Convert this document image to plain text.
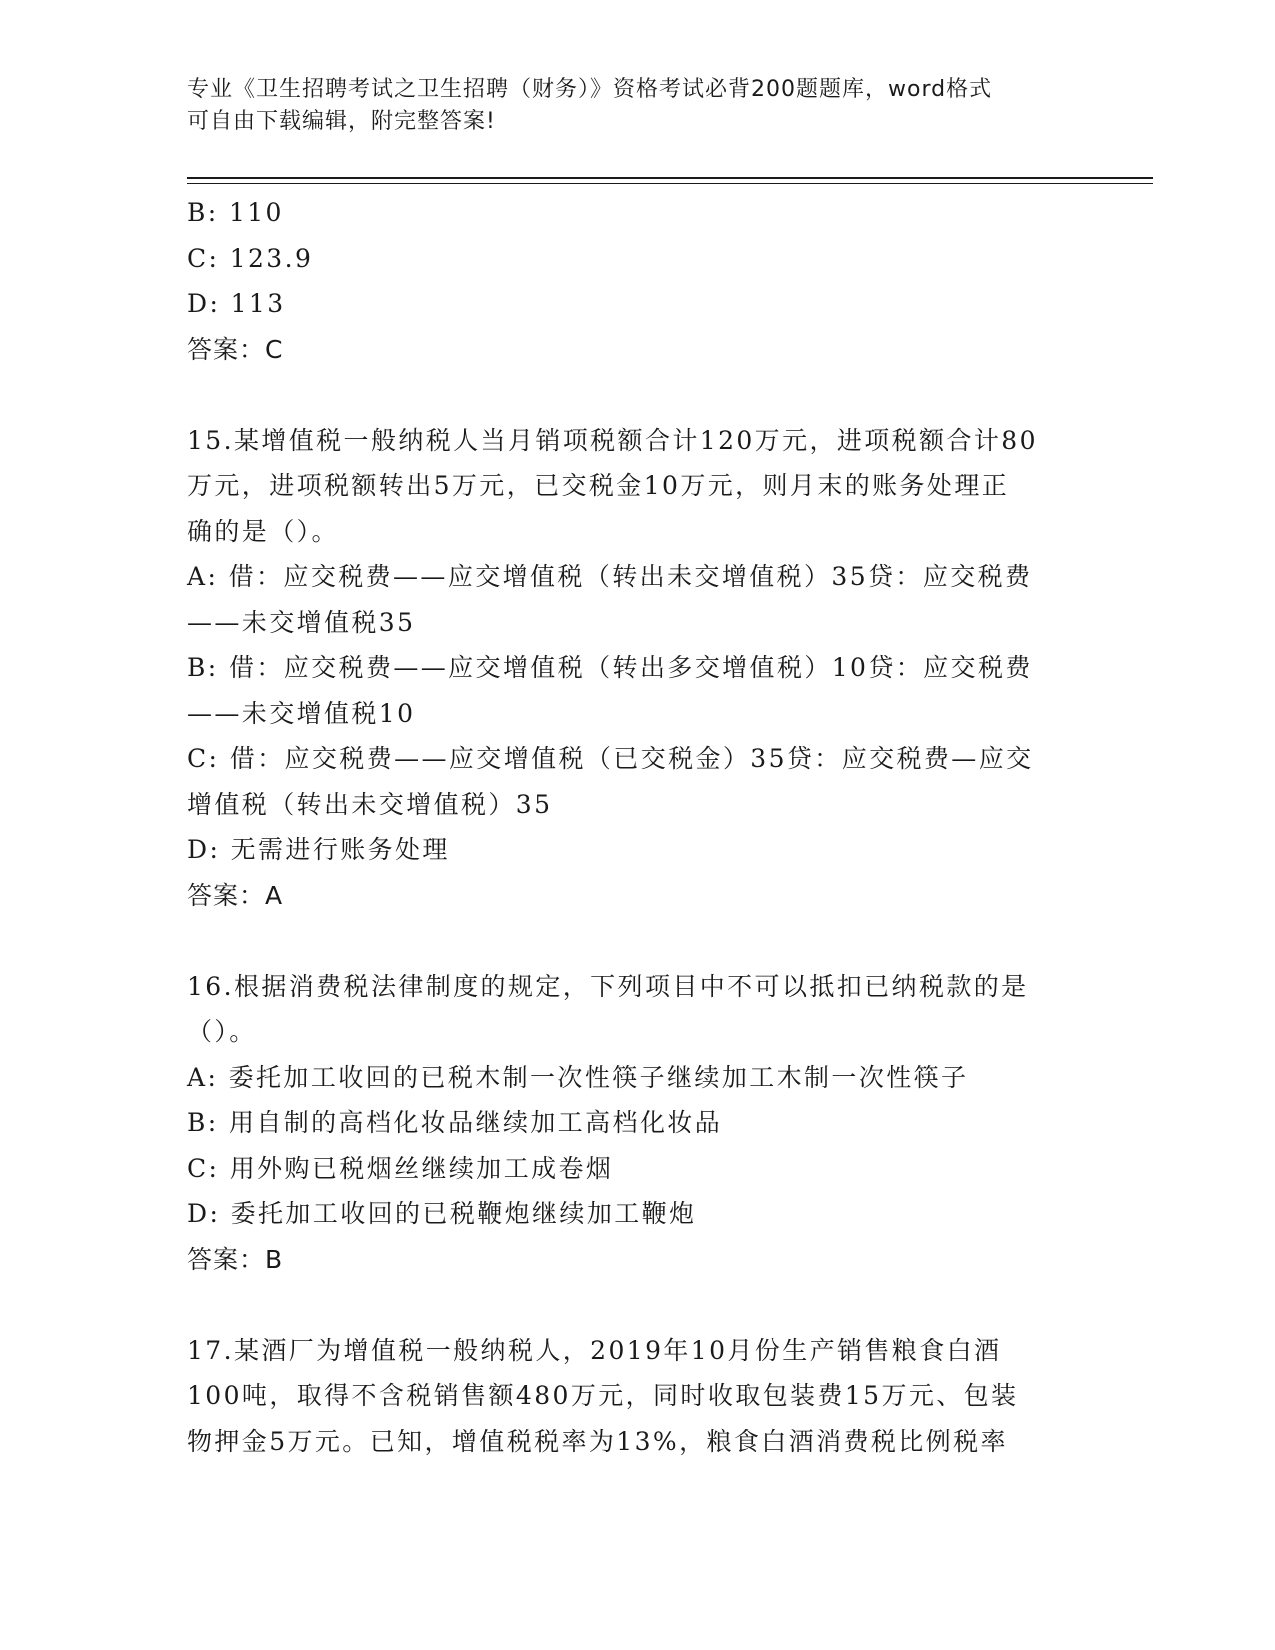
专业《卫生招聘考试之卫生招聘（财务）》资格考试必背200题题库，word格式
可自由下载编辑，附完整答案!
B: 110
C: 123.9
D: 113
答案：C
15.某增值税一般纳税人当月销项税额合计120万元，进项税额合计80
万元，进项税额转出5万元，已交税金10万元，则月末的账务处理正
确的是（）。
A: 借：应交税费——应交增值税（转出未交增值税）35贷：应交税费
——未交增值税35
B: 借：应交税费——应交增值税（转出多交增值税）10贷：应交税费
——未交增值税10
C: 借：应交税费——应交增值税（已交税金）35贷：应交税费—应交
增值税（转出未交增值税）35
D: 无需进行账务处理
答案：A
16.根据消费税法律制度的规定，下列项目中不可以抵扣已纳税款的是
（）。
A: 委托加工收回的已税木制一次性筷子继续加工木制一次性筷子
B: 用自制的高档化妆品继续加工高档化妆品
C: 用外购已税烟丝继续加工成卷烟
D: 委托加工收回的已税鞭炮继续加工鞭炮
答案：B
17.某酒厂为增值税一般纳税人，2019年10月份生产销售粮食白酒
100吨，取得不含税销售额480万元，同时收取包装费15万元、包装
物押金5万元。已知，增值税税率为13%，粮食白酒消费税比例税率
